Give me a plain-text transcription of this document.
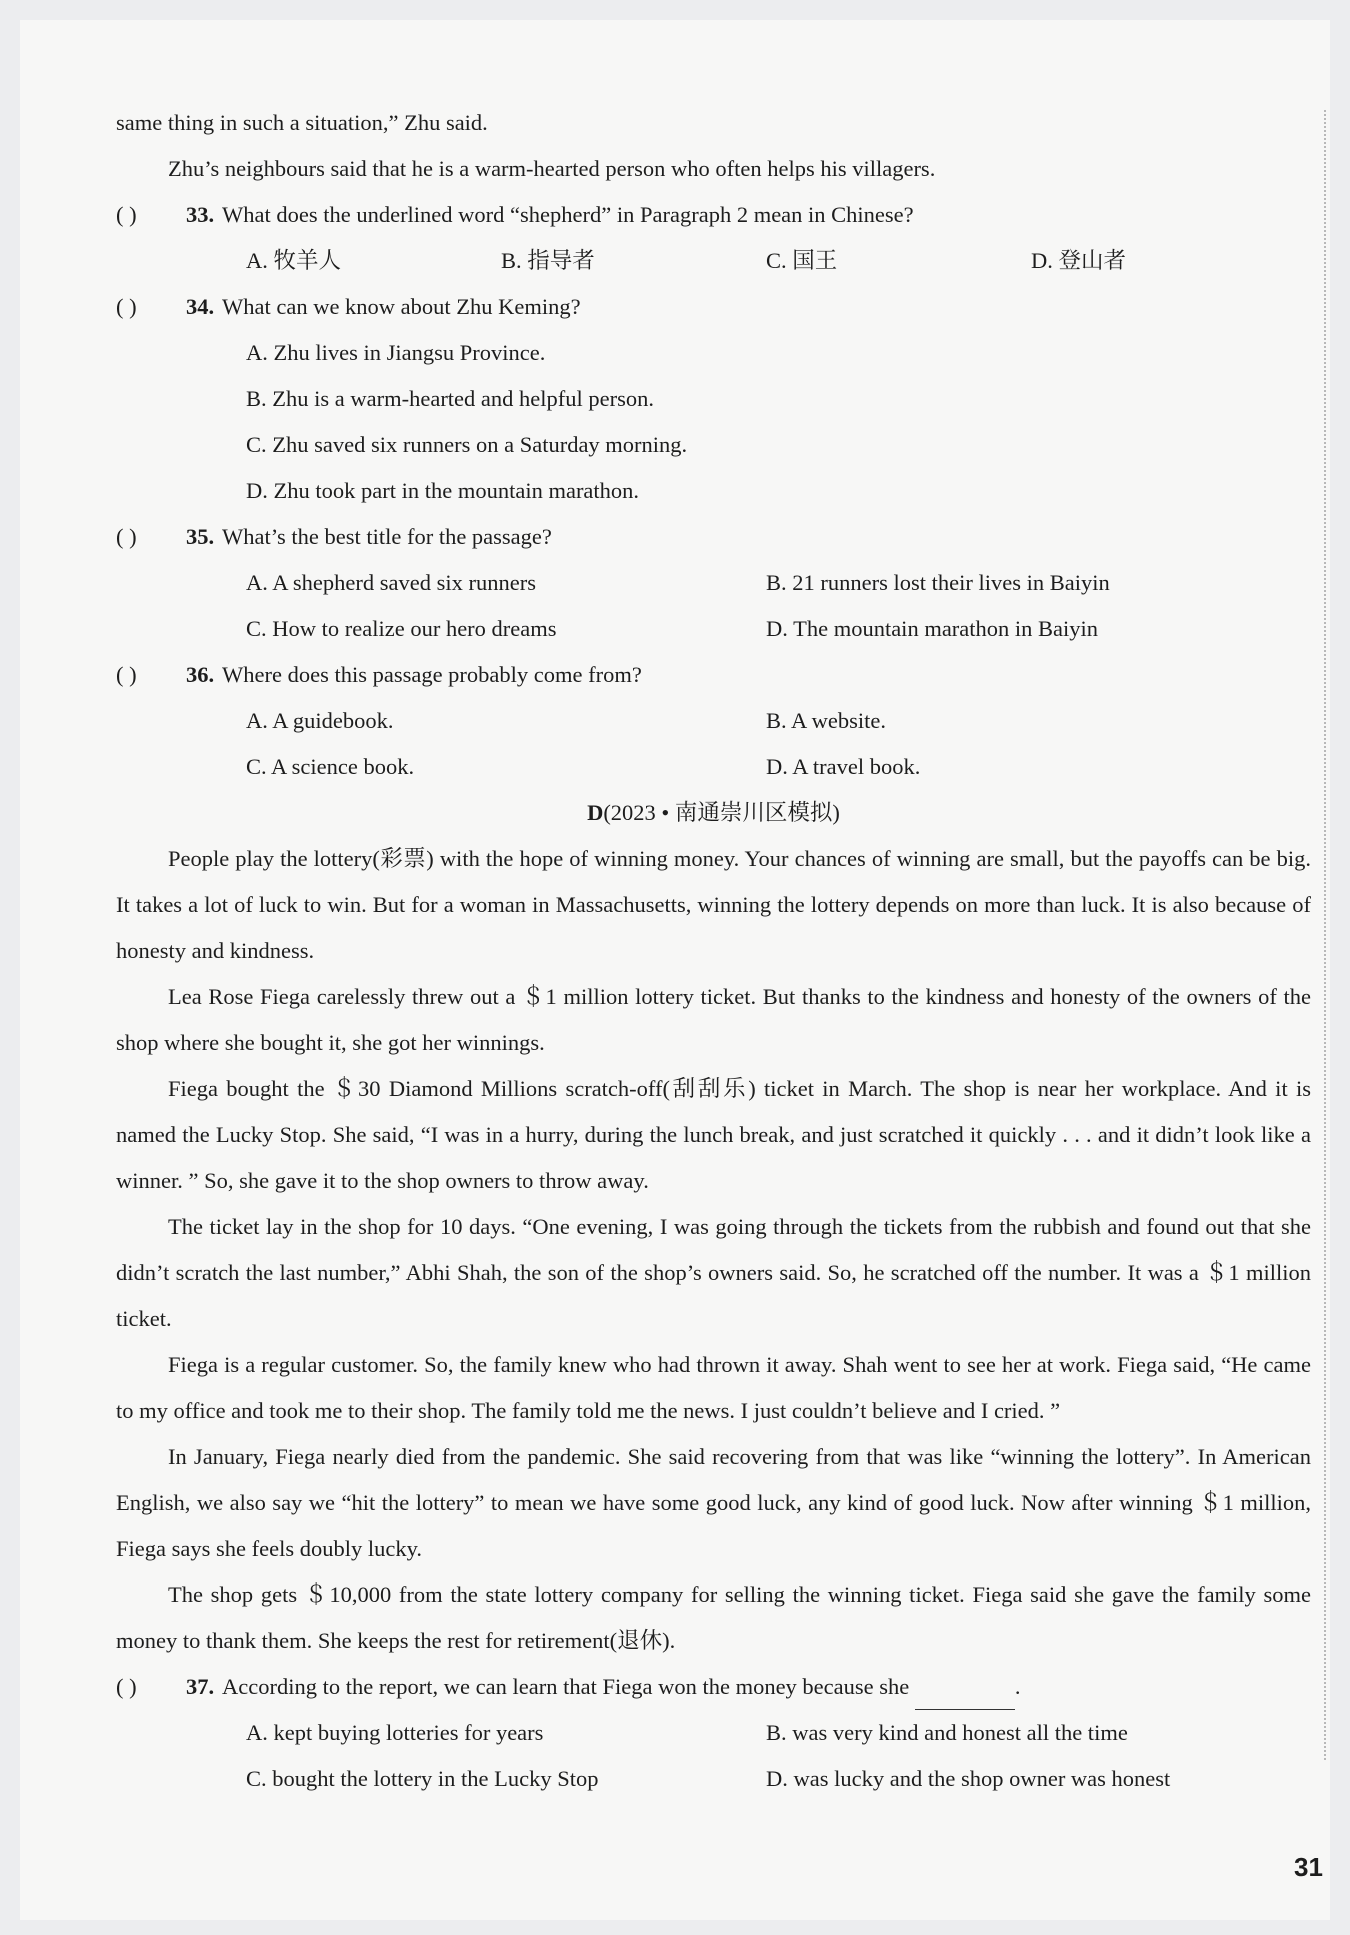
same thing in such a situation,” Zhu said.

Zhu’s neighbours said that he is a warm-hearted person who often helps his villagers.

( )	33. What does the underlined word “shepherd” in Paragraph 2 mean in Chinese?
A. 牧羊人	B. 指导者	C. 国王	D. 登山者
( )	34. What can we know about Zhu Keming?

A. Zhu lives in Jiangsu Province.

B. Zhu is a warm-hearted and helpful person.

C. Zhu saved six runners on a Saturday morning.

D. Zhu took part in the mountain marathon.

( )	35. What’s the best title for the passage?
A. A shepherd saved six runners	B. 21 runners lost their lives in Baiyin
C. How to realize our hero dreams	D. The mountain marathon in Baiyin
( )	36. Where does this passage probably come from?
A. A guidebook.	B. A website.
C. A science book.	D. A travel book.

D(2023 • 南通崇川区模拟)

People play the lottery(彩票) with the hope of winning money. Your chances of winning are small, but the payoffs can be big. It takes a lot of luck to win. But for a woman in Massachusetts, winning the lottery depends on more than luck. It is also because of honesty and kindness.

Lea Rose Fiega carelessly threw out a ＄1 million lottery ticket. But thanks to the kindness and honesty of the owners of the shop where she bought it, she got her winnings.

Fiega bought the ＄30 Diamond Millions scratch-off(刮刮乐) ticket in March. The shop is near her workplace. And it is named the Lucky Stop. She said, “I was in a hurry, during the lunch break, and just scratched it quickly . . . and it didn’t look like a winner. ” So, she gave it to the shop owners to throw away.

The ticket lay in the shop for 10 days. “One evening, I was going through the tickets from the rubbish and found out that she didn’t scratch the last number,” Abhi Shah, the son of the shop’s owners said. So, he scratched off the number. It was a ＄1 million ticket.

Fiega is a regular customer. So, the family knew who had thrown it away. Shah went to see her at work. Fiega said, “He came to my office and took me to their shop. The family told me the news. I just couldn’t believe and I cried. ”

In January, Fiega nearly died from the pandemic. She said recovering from that was like “winning the lottery”. In American English, we also say we “hit the lottery” to mean we have some good luck, any kind of good luck. Now after winning ＄1 million, Fiega says she feels doubly lucky.

The shop gets ＄10,000 from the state lottery company for selling the winning ticket. Fiega said she gave the family some money to thank them. She keeps the rest for retirement(退休).

( )	37. According to the report, we can learn that Fiega won the money because she	.
A. kept buying lotteries for years	B. was very kind and honest all the time
C. bought the lottery in the Lucky Stop	D. was lucky and the shop owner was honest
31
